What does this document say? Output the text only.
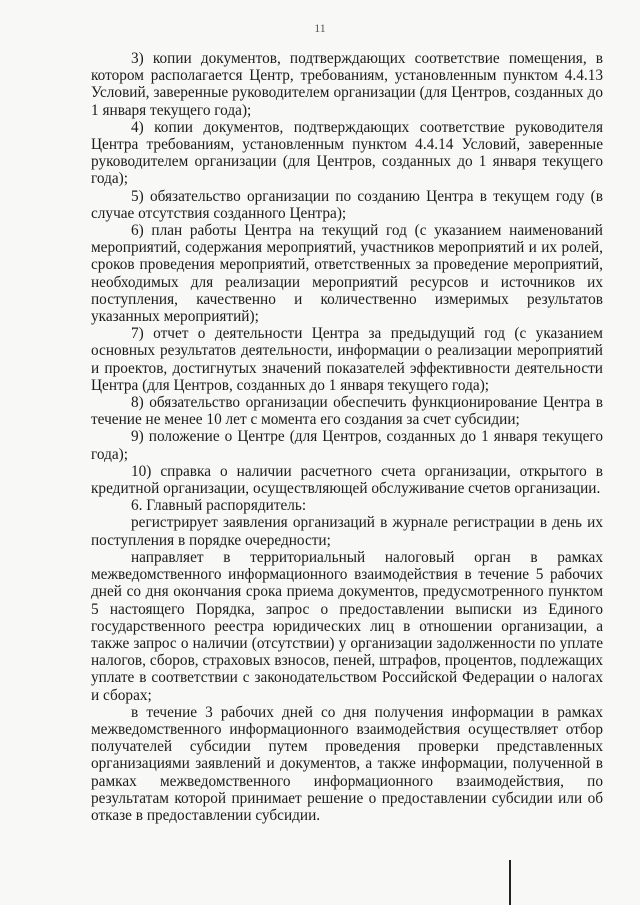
11

3) копии документов, подтверждающих соответствие помещения, в котором располагается Центр, требованиям, установленным пунктом 4.4.13 Условий, заверенные руководителем организации (для Центров, созданных до 1 января текущего года);

4) копии документов, подтверждающих соответствие руководителя Центра требованиям, установленным пунктом 4.4.14 Условий, заверенные руководителем организации (для Центров, созданных до 1 января текущего года);

5) обязательство организации по созданию Центра в текущем году (в случае отсутствия созданного Центра);

6) план работы Центра на текущий год (с указанием наименований мероприятий, содержания мероприятий, участников мероприятий и их ролей, сроков проведения мероприятий, ответственных за проведение мероприятий, необходимых для реализации мероприятий ресурсов и источников их поступления, качественно и количественно измеримых результатов указанных мероприятий);

7) отчет о деятельности Центра за предыдущий год (с указанием основных результатов деятельности, информации о реализации мероприятий и проектов, достигнутых значений показателей эффективности деятельности Центра (для Центров, созданных до 1 января текущего года);

8) обязательство организации обеспечить функционирование Центра в течение не менее 10 лет с момента его создания за счет субсидии;

9) положение о Центре (для Центров, созданных до 1 января текущего года);

10) справка о наличии расчетного счета организации, открытого в кредитной организации, осуществляющей обслуживание счетов организации.

6. Главный распорядитель:

регистрирует заявления организаций в журнале регистрации в день их поступления в порядке очередности;

направляет в территориальный налоговый орган в рамках межведомственного информационного взаимодействия в течение 5 рабочих дней со дня окончания срока приема документов, предусмотренного пунктом 5 настоящего Порядка, запрос о предоставлении выписки из Единого государственного реестра юридических лиц в отношении организации, а также запрос о наличии (отсутствии) у организации задолженности по уплате налогов, сборов, страховых взносов, пеней, штрафов, процентов, подлежащих уплате в соответствии с законодательством Российской Федерации о налогах и сборах;

в течение 3 рабочих дней со дня получения информации в рамках межведомственного информационного взаимодействия осуществляет отбор получателей субсидии путем проведения проверки представленных организациями заявлений и документов, а также информации, полученной в рамках межведомственного информационного взаимодействия, по результатам которой принимает решение о предоставлении субсидии или об отказе в предоставлении субсидии.
